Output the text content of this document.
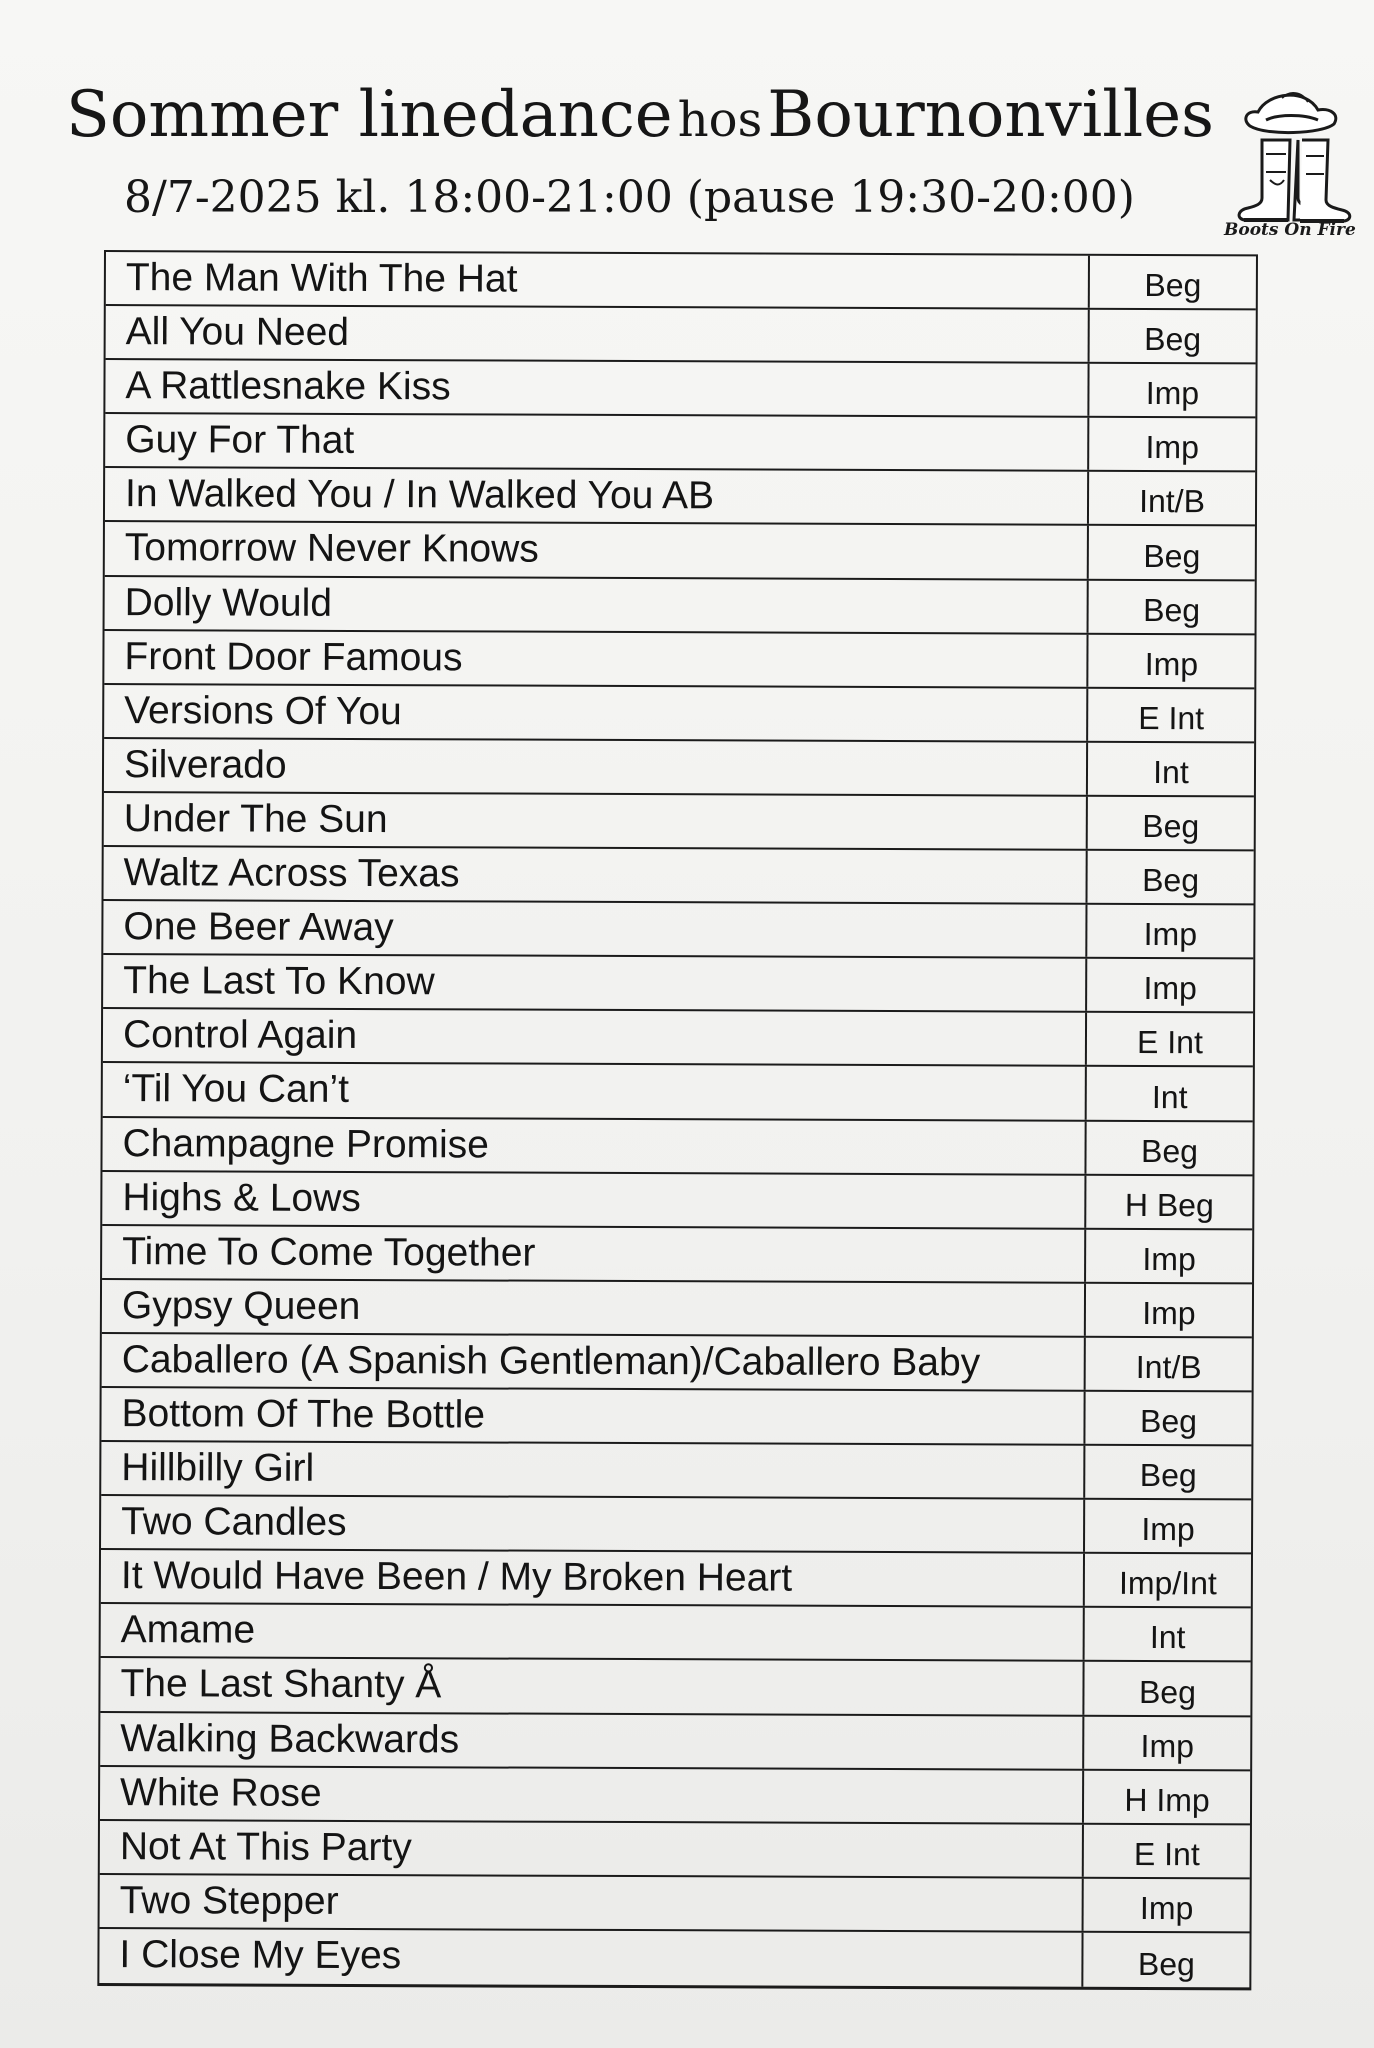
Sommer linedance hos Bournonvilles
8/7-2025 kl. 18:00-21:00 (pause 19:30-20:00)
Boots On Fire
The Man With The Hat	Beg
All You Need	Beg
A Rattlesnake Kiss	Imp
Guy For That	Imp
In Walked You / In Walked You AB	Int/B
Tomorrow Never Knows	Beg
Dolly Would	Beg
Front Door Famous	Imp
Versions Of You	E Int
Silverado	Int
Under The Sun	Beg
Waltz Across Texas	Beg
One Beer Away	Imp
The Last To Know	Imp
Control Again	E Int
‘Til You Can’t	Int
Champagne Promise	Beg
Highs & Lows	H Beg
Time To Come Together	Imp
Gypsy Queen	Imp
Caballero (A Spanish Gentleman)/Caballero Baby	Int/B
Bottom Of The Bottle	Beg
Hillbilly Girl	Beg
Two Candles	Imp
It Would Have Been / My Broken Heart	Imp/Int
Amame	Int
The Last Shanty Å	Beg
Walking Backwards	Imp
White Rose	H Imp
Not At This Party	E Int
Two Stepper	Imp
I Close My Eyes	Beg
